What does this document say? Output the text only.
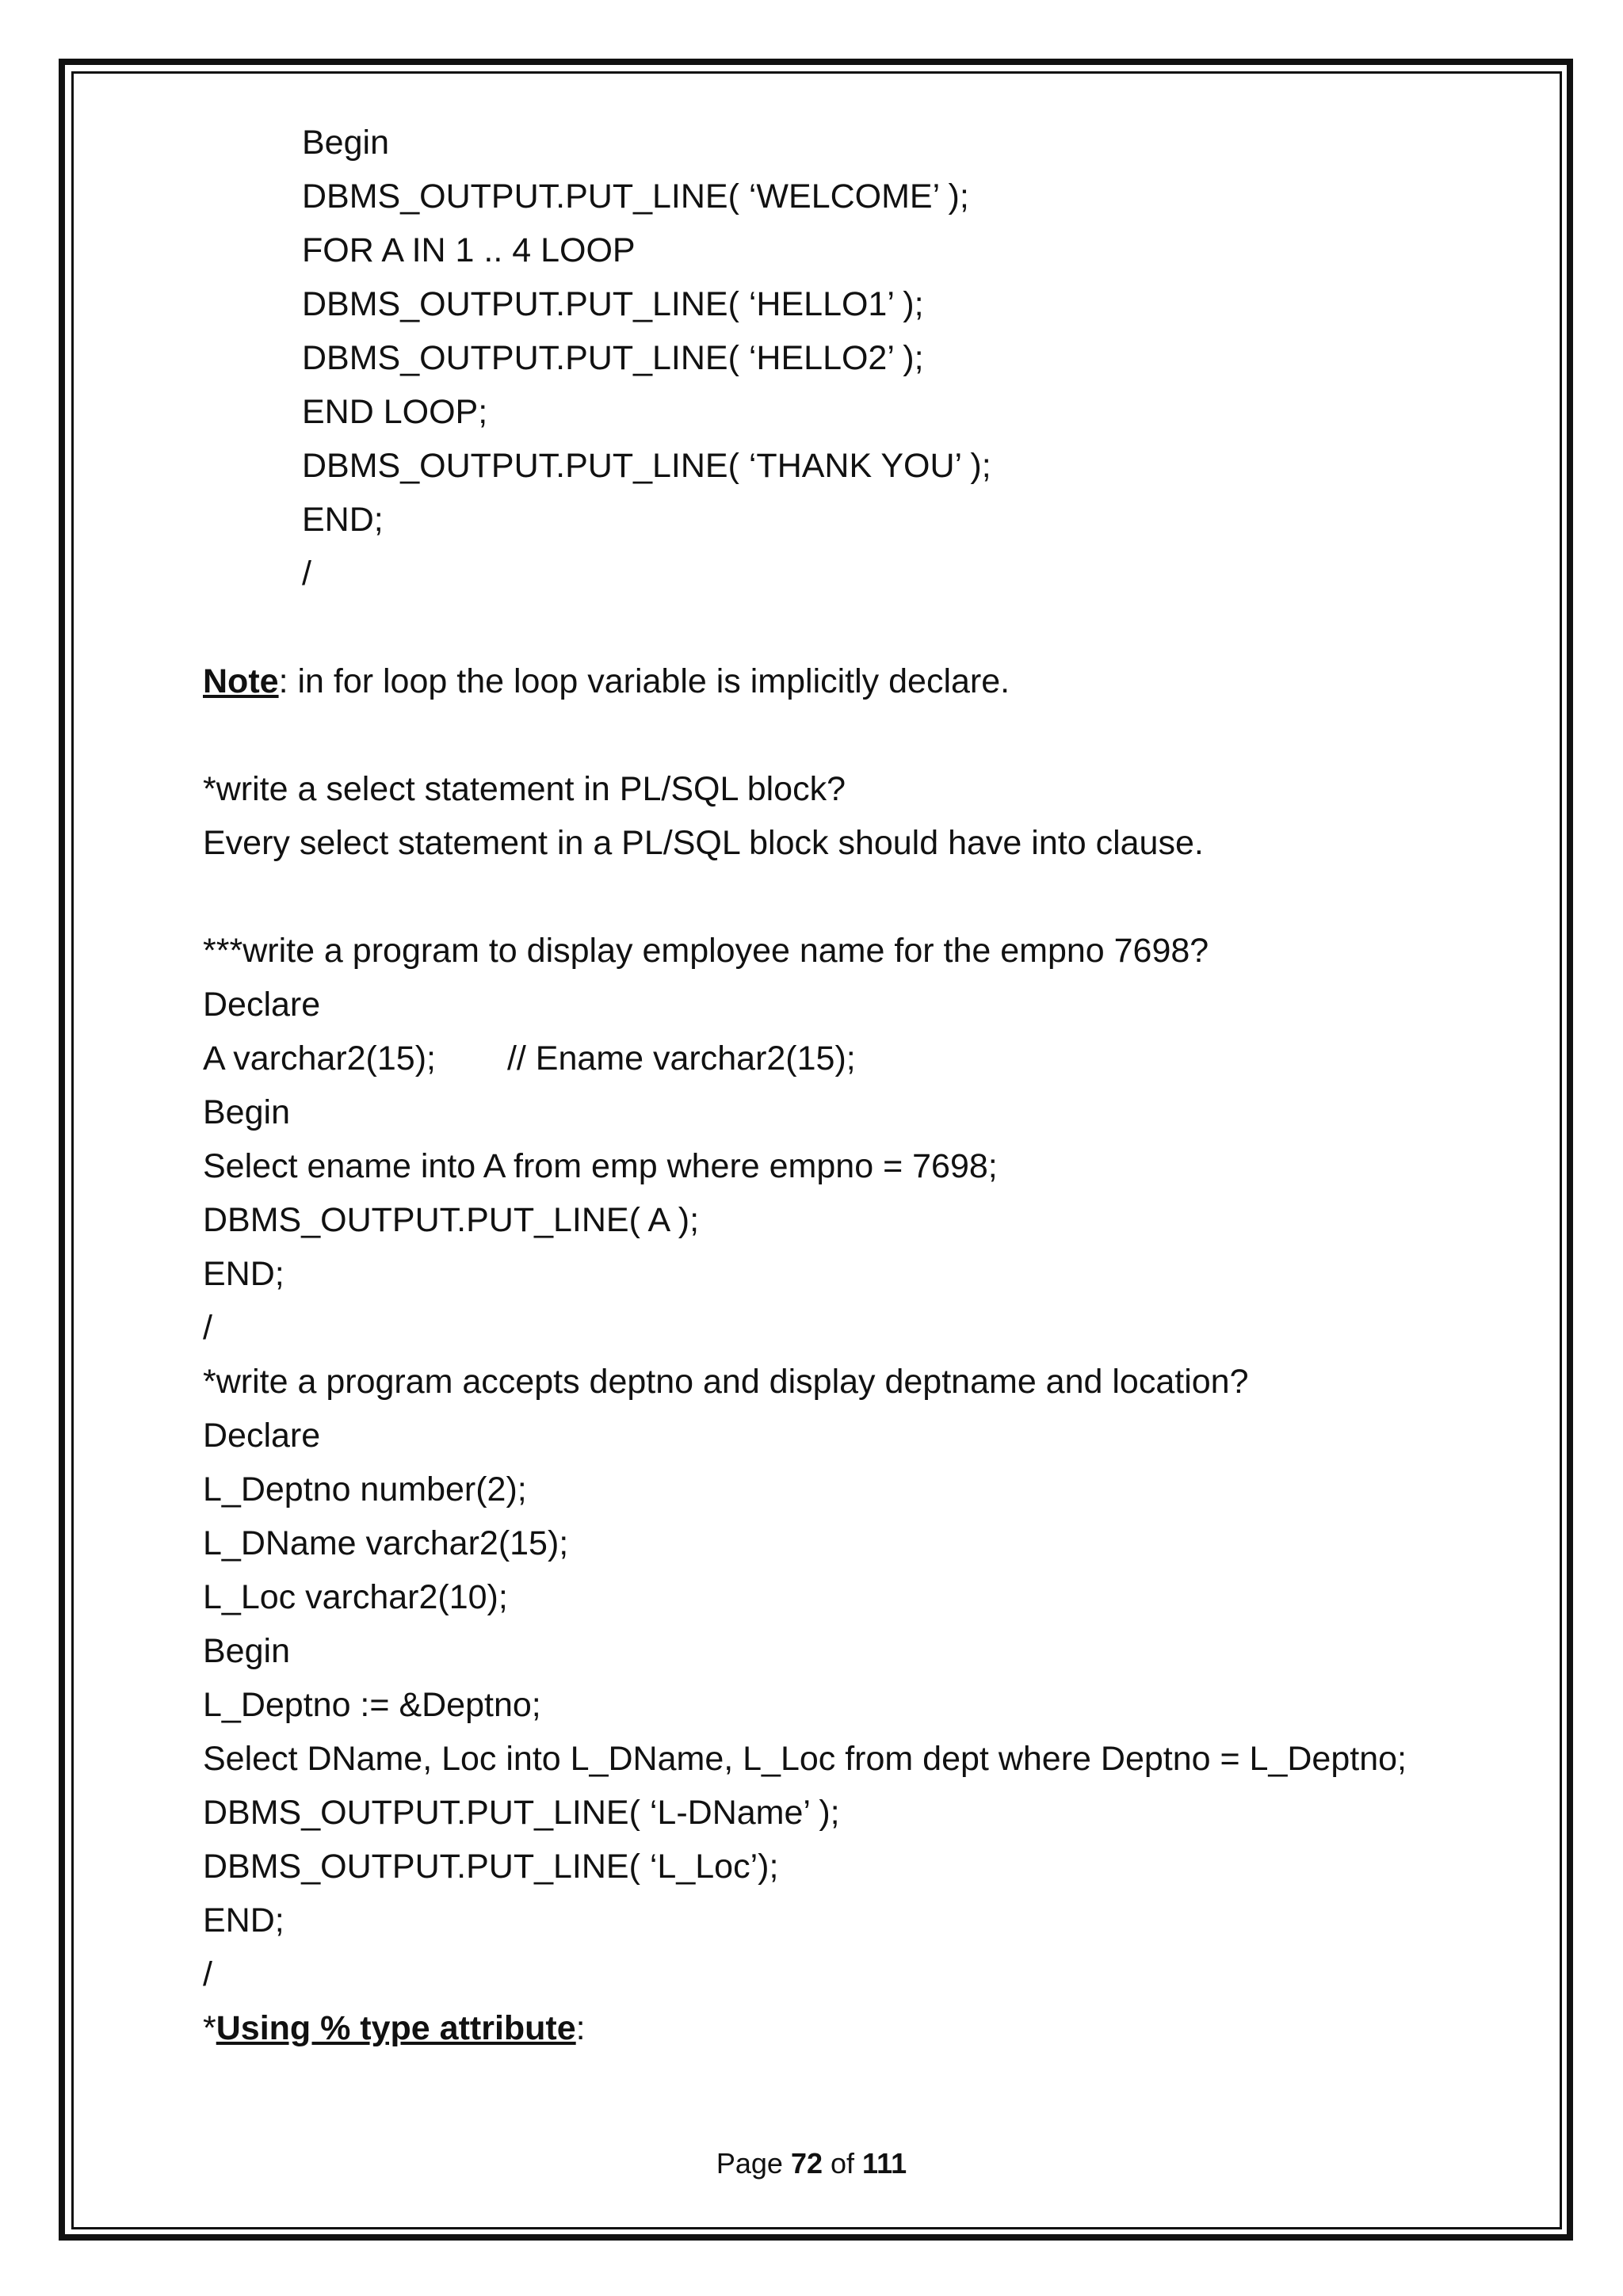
Begin
DBMS_OUTPUT.PUT_LINE( ‘WELCOME’ );
FOR A IN 1 .. 4 LOOP
DBMS_OUTPUT.PUT_LINE( ‘HELLO1’ );
DBMS_OUTPUT.PUT_LINE( ‘HELLO2’ );
END LOOP;
DBMS_OUTPUT.PUT_LINE( ‘THANK YOU’ );
END;
/
Note: in for loop the loop variable is implicitly declare.
*write a select statement in PL/SQL block?
Every select statement in a PL/SQL block should have into clause.
***write a program to display employee name for the empno 7698?
Declare
A varchar2(15); // Ename varchar2(15);
Begin
Select ename into A from emp where empno = 7698;
DBMS_OUTPUT.PUT_LINE( A );
END;
/
*write a program accepts deptno and display deptname and location?
Declare
L_Deptno number(2);
L_DName varchar2(15);
L_Loc varchar2(10);
Begin
L_Deptno := &Deptno;
Select DName, Loc into L_DName, L_Loc from dept where Deptno = L_Deptno;
DBMS_OUTPUT.PUT_LINE( ‘L-DName’ );
DBMS_OUTPUT.PUT_LINE( ‘L_Loc’);
END;
/
*Using % type attribute:
Page 72 of 111
